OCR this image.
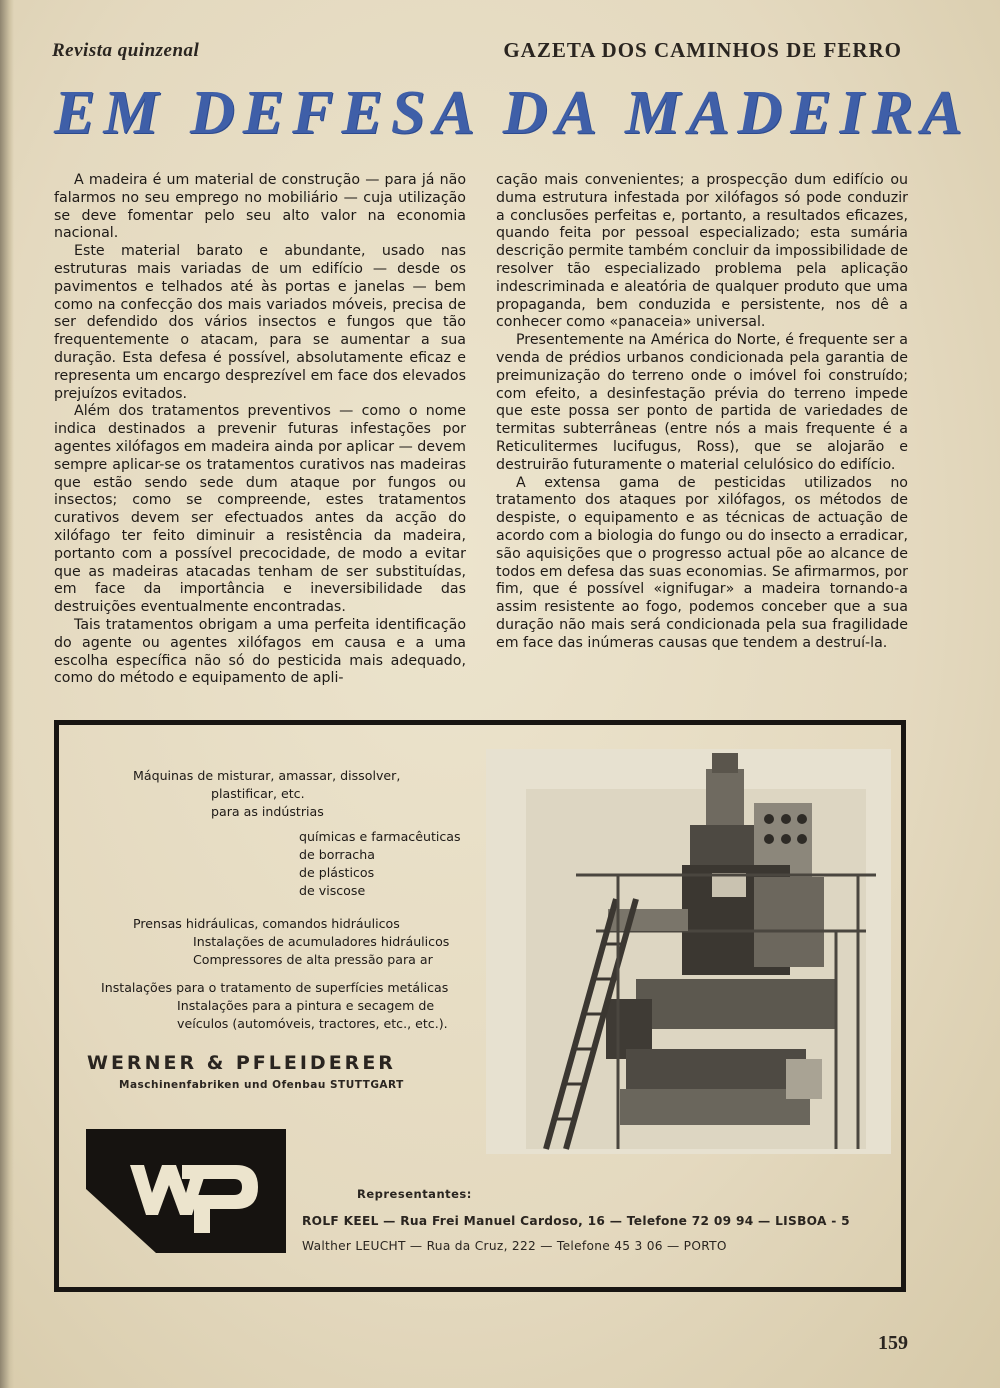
Revista quinzenal	GAZETA DOS CAMINHOS DE FERRO
EM DEFESA DA MADEIRA

A madeira é um material de construção — para já não falarmos no seu emprego no mobiliário — cuja utilização se deve fomentar pelo seu alto valor na economia nacional.

Este material barato e abundante, usado nas estruturas mais variadas de um edifício — desde os pavimentos e telhados até às portas e janelas — bem como na confecção dos mais variados móveis, precisa de ser defendido dos vários insectos e fungos que tão frequentemente o atacam, para se aumentar a sua duração. Esta defesa é possível, absolutamente eficaz e representa um encargo desprezível em face dos elevados prejuízos evitados.

Além dos tratamentos preventivos — como o nome indica destinados a prevenir futuras infestações por agentes xilófagos em madeira ainda por aplicar — devem sempre aplicar-se os tratamentos curativos nas madeiras que estão sendo sede dum ataque por fungos ou insectos; como se compreende, estes tratamentos curativos devem ser efectuados antes da acção do xilófago ter feito diminuir a resistência da madeira, portanto com a possível precocidade, de modo a evitar que as madeiras atacadas tenham de ser substituídas, em face da importância e ineversibilidade das destruições eventualmente encontradas.

Tais tratamentos obrigam a uma perfeita identificação do agente ou agentes xilófagos em causa e a uma escolha específica não só do pesticida mais adequado, como do método e equipamento de apli-

cação mais convenientes; a prospecção dum edifício ou duma estrutura infestada por xilófagos só pode conduzir a conclusões perfeitas e, portanto, a resultados eficazes, quando feita por pessoal especializado; esta sumária descrição permite também concluir da impossibilidade de resolver tão especializado problema pela aplicação indescriminada e aleatória de qualquer produto que uma propaganda, bem conduzida e persistente, nos dê a conhecer como «panaceia» universal.

Presentemente na América do Norte, é frequente ser a venda de prédios urbanos condicionada pela garantia de preimunização do terreno onde o imóvel foi construído; com efeito, a desinfestação prévia do terreno impede que este possa ser ponto de partida de variedades de termitas subterrâneas (entre nós a mais frequente é a Reticulitermes lucifugus, Ross), que se alojarão e destruirão futuramente o material celulósico do edifício.

A extensa gama de pesticidas utilizados no tratamento dos ataques por xilófagos, os métodos de despiste, o equipamento e as técnicas de actuação de acordo com a biologia do fungo ou do insecto a erradicar, são aquisições que o progresso actual põe ao alcance de todos em defesa das suas economias. Se afirmarmos, por fim, que é possível «ignifugar» a madeira tornando-a assim resistente ao fogo, podemos conceber que a sua duração não mais será condicionada pela sua fragilidade em face das inúmeras causas que tendem a destruí-la.

Máquinas de misturar, amassar, dissolver,
plastificar, etc.
para as indústrias
químicas e farmacêuticas
de borracha
de plásticos
de viscose
Prensas hidráulicas, comandos hidráulicos
Instalações de acumuladores hidráulicos
Compressores de alta pressão para ar
Instalações para o tratamento de superfícies metálicas
Instalações para a pintura e secagem de
veículos (automóveis, tractores, etc., etc.).
WERNER & PFLEIDERER
Maschinenfabriken und Ofenbau STUTTGART
Representantes:
ROLF KEEL — Rua Frei Manuel Cardoso, 16 — Telefone 72 09 94 — LISBOA - 5
Walther LEUCHT — Rua da Cruz, 222 — Telefone 45 3 06 — PORTO
159
